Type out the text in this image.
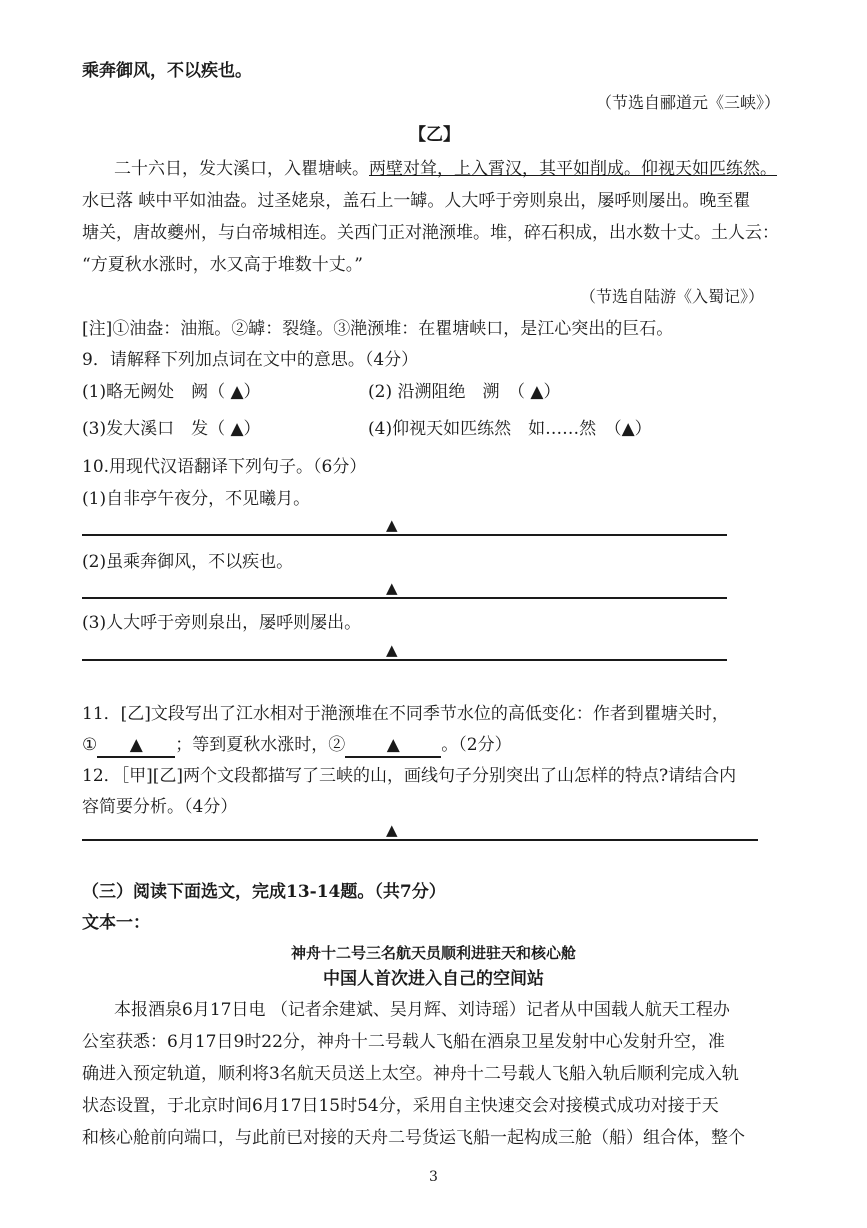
乘奔御风，不以疾也。
（节选自郦道元《三峡》）
【乙】
二十六日，发大溪口，入瞿塘峡。两壁对耸，上入霄汉，其平如削成。仰视天如匹练然。
水已落 峡中平如油盎。过圣姥泉，盖石上一罅。人大呼于旁则泉出，屡呼则屡出。晚至瞿
塘关，唐故夔州，与白帝城相连。关西门正对滟滪堆。堆，碎石积成，出水数十丈。土人云：
“方夏秋水涨时，水又高于堆数十丈。”
（节选自陆游《入蜀记》）
[注]①油盎：油瓶。②罅：裂缝。③滟滪堆：在瞿塘峡口，是江心突出的巨石。
9．请解释下列加点词在文中的意思。（4分）
(1)略无阙处　阙（ ▲）	(2) 沿溯阻绝　溯　（ ▲）
(3)发大溪口　发（ ▲）	(4)仰视天如匹练然　如……然　（▲）
10.用现代汉语翻译下列句子。（6分）
(1)自非亭午夜分，不见曦月。
▲
(2)虽乘奔御风，不以疾也。
▲
(3)人大呼于旁则泉出，屡呼则屡出。
▲
11．[乙]文段写出了江水相对于滟滪堆在不同季节水位的高低变化：作者到瞿塘关时，
① ▲ ；等到夏秋水涨时，② ▲ 。（2分）
12．［甲][乙]两个文段都描写了三峡的山，画线句子分别突出了山怎样的特点?请结合内
容简要分析。（4分）
▲
（三）阅读下面选文，完成13-14题。（共7分）
文本一：
神舟十二号三名航天员顺利进驻天和核心舱
中国人首次进入自己的空间站
本报酒泉6月17日电 （记者余建斌、吴月辉、刘诗瑶）记者从中国载人航天工程办
公室获悉：6月17日9时22分，神舟十二号载人飞船在酒泉卫星发射中心发射升空，准
确进入预定轨道，顺利将3名航天员送上太空。神舟十二号载人飞船入轨后顺利完成入轨
状态设置，于北京时间6月17日15时54分，采用自主快速交会对接模式成功对接于天
和核心舱前向端口，与此前已对接的天舟二号货运飞船一起构成三舱（船）组合体，整个
3
